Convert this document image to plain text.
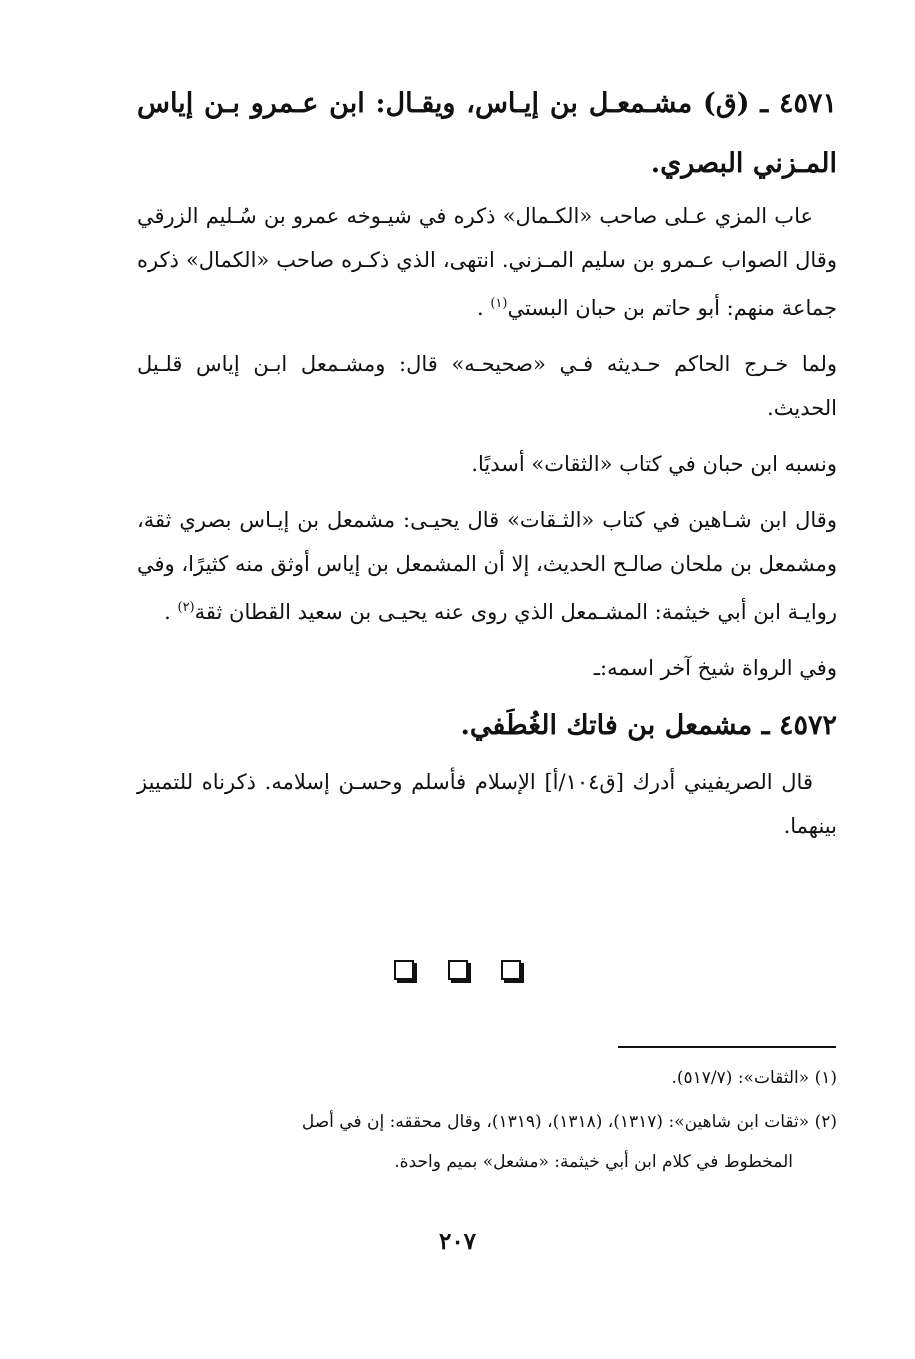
٤٥٧١ ـ (ق) مشـمعـل بن إيـاس، ويقـال: ابن عـمرو بـن إياس المـزني البصري.

عاب المزي عـلى صاحب «الكـمال» ذكره في شيـوخه عمرو بن سُـليم الزرقي وقال الصواب عـمرو بن سليم المـزني. انتهى، الذي ذكـره صاحب «الكمال» ذكره جماعة منهم: أبو حاتم بن حبان البستي$^{(١)}$ .

ولما خـرج الحاكم حـديثه فـي «صحيحـه» قال: ومشـمعل ابـن إياس قلـيل الحديث.

ونسبه ابن حبان في كتاب «الثقات» أسديًا.

وقال ابن شـاهين في كتاب «الثـقات» قال يحيـى: مشمعل بن إيـاس بصري ثقة، ومشمعل بن ملحان صالـح الحديث، إلا أن المشمعل بن إياس أوثق منه كثيرًا، وفي روايـة ابن أبي خيثمة: المشـمعل الذي روى عنه يحيـى بن سعيد القطان ثقة$^{(٢)}$ .

وفي الرواة شيخ آخر اسمه:ـ

٤٥٧٢ ـ مشمعل بن فاتك الغُطَفي.

قال الصريفيني أدرك [ق١٠٤/أ] الإسلام فأسلم وحسـن إسلامه. ذكرناه للتمييز بينهما.

(١) «الثقات»: (٥١٧/٧).

(٢) «ثقات ابن شاهين»: (١٣١٧)، (١٣١٨)، (١٣١٩)، وقال محققه: إن في أصل
المخطوط في كلام ابن أبي خيثمة: «مشعل» بميم واحدة.

٢٠٧
